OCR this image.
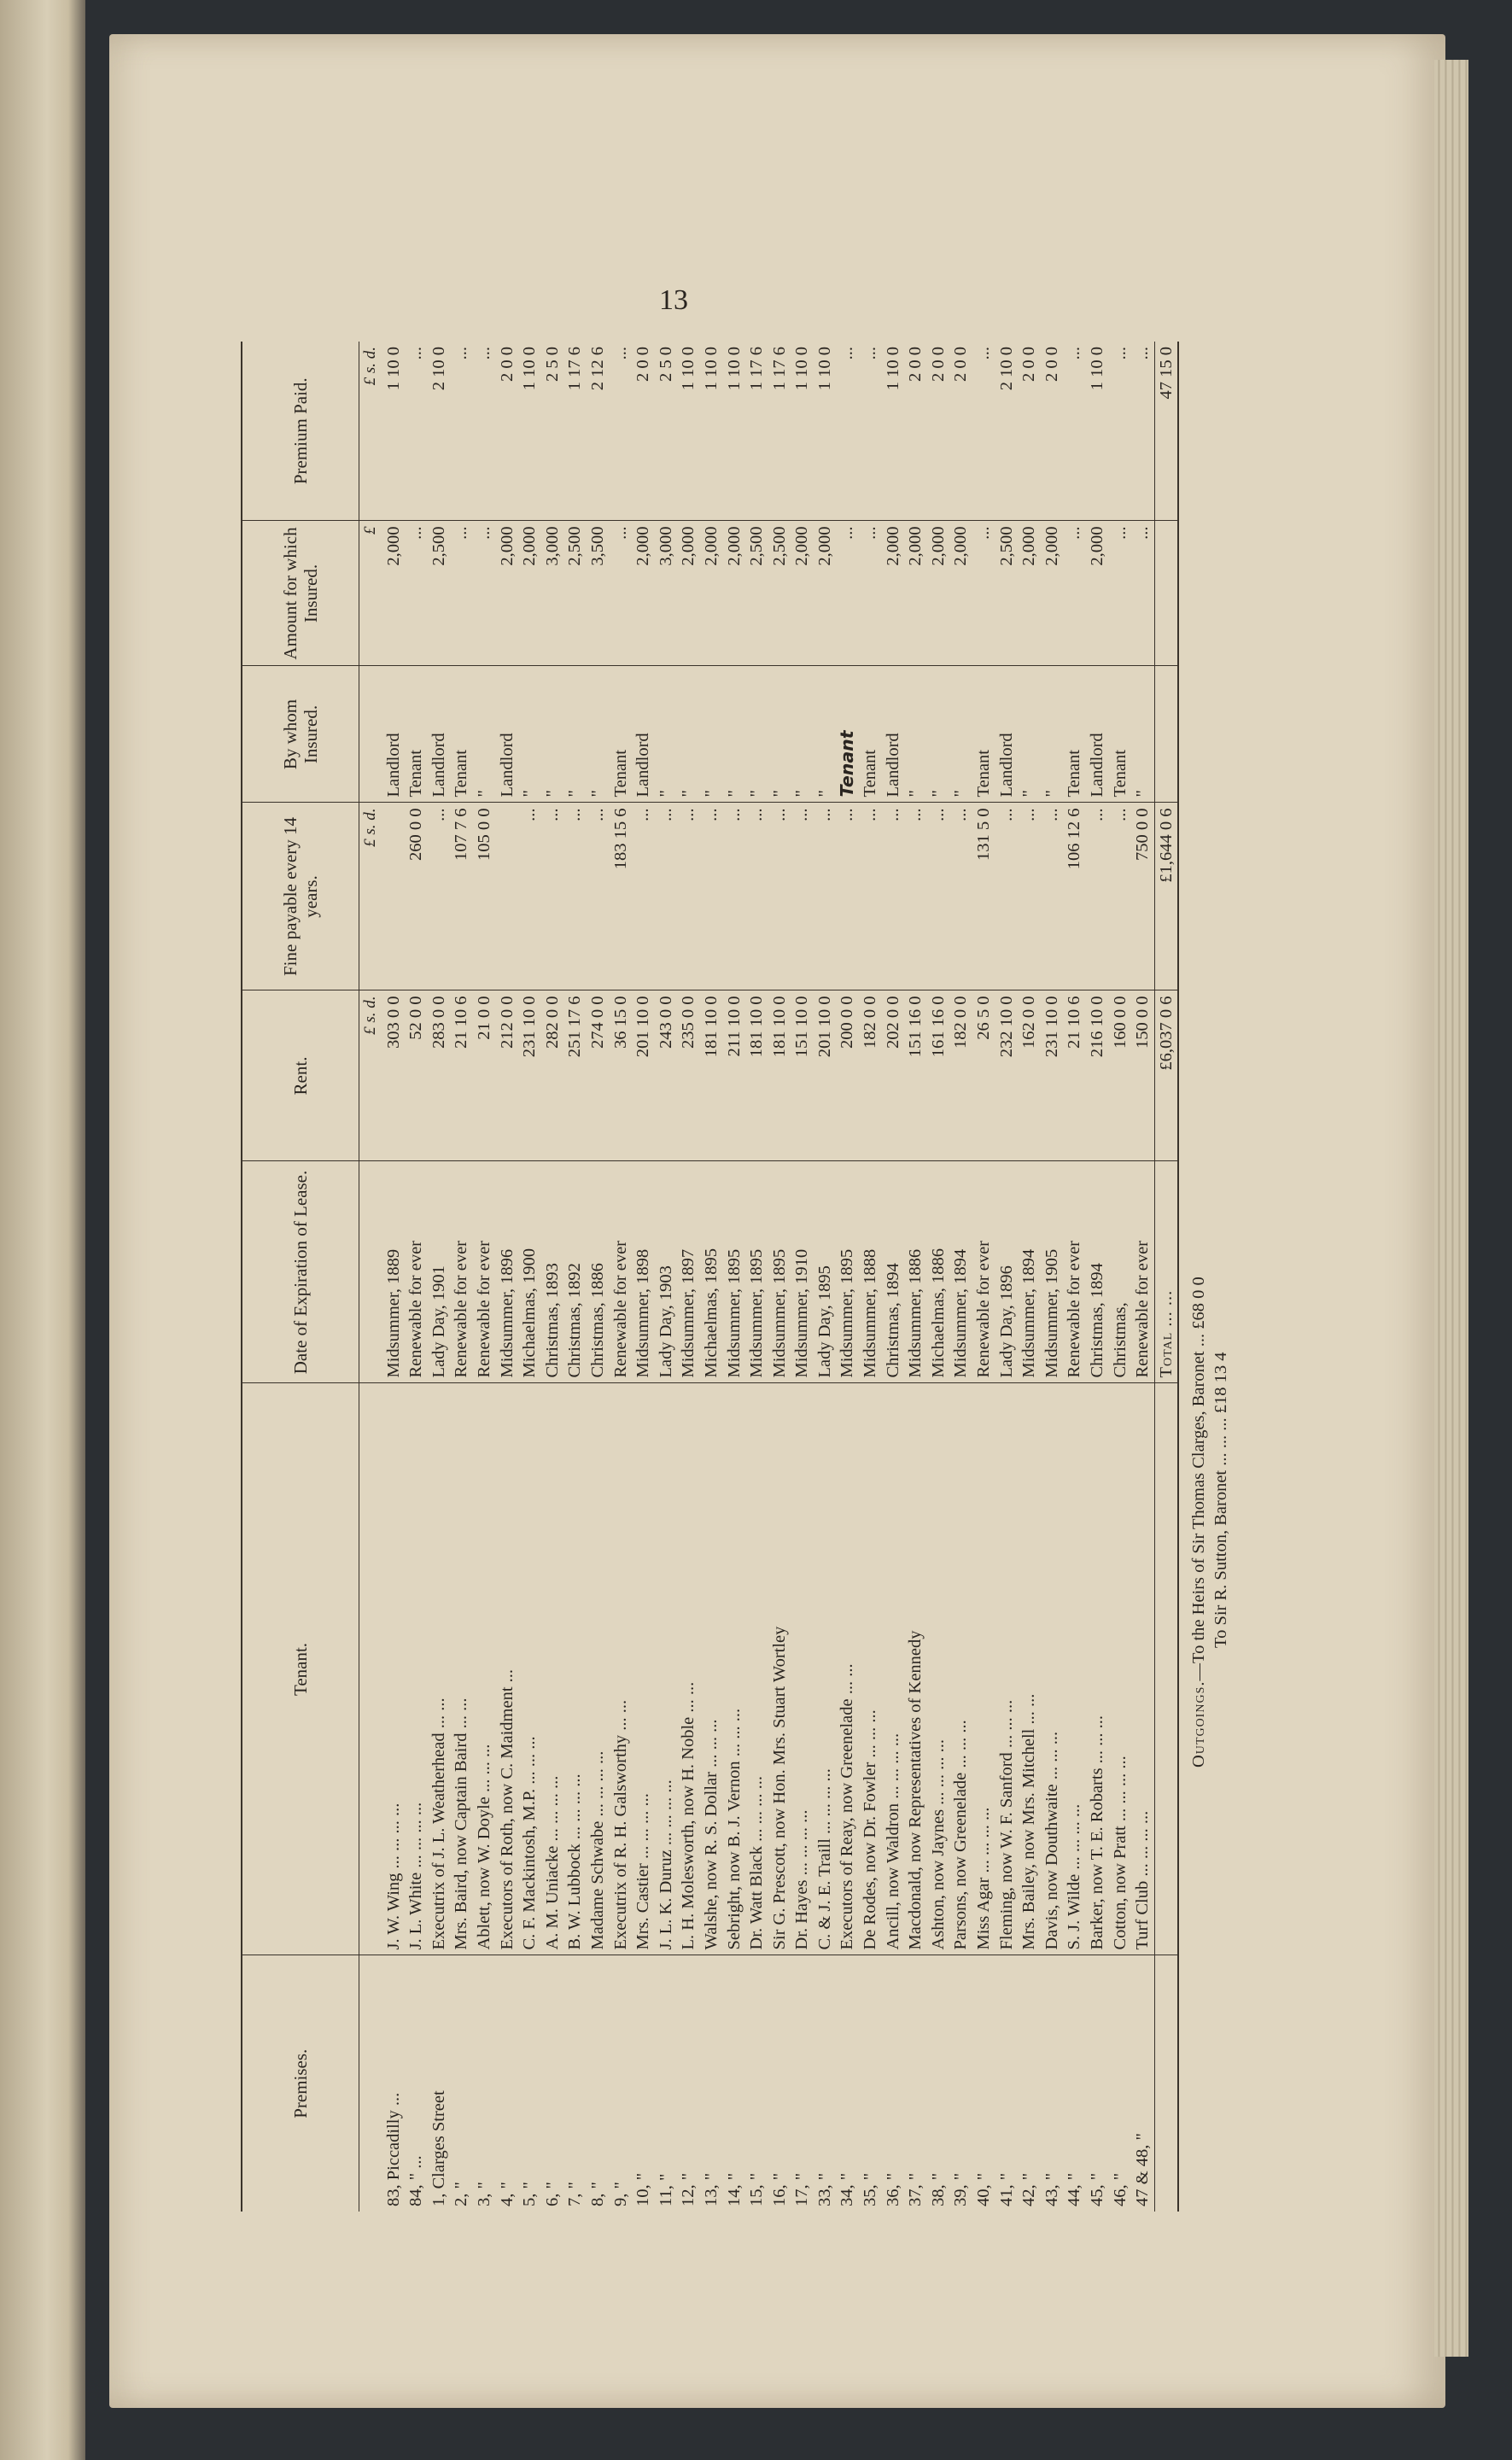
13
Premises.	Tenant.	Date of Expiration of Lease.	Rent.	Fine payable every 14 years.	By whom Insured.	Amount for which Insured.	Premium Paid.
			£ s. d.	£ s. d.		£	£ s. d.
83, Piccadilly ...	J. W. Wing ... ... ... ...	Midsummer, 1889	303 0 0		Landlord	2,000	1 10 0
84, " ...	J. L. White ... ... ... ...	Renewable for ever	52 0 0	260 0 0	Tenant	...	...
1, Clarges Street	Executrix of J. L. Weatherhead ... ...	Lady Day, 1901	283 0 0	...	Landlord	2,500	2 10 0
2, "	Mrs. Baird, now Captain Baird ... ...	Renewable for ever	21 10 6	107 7 6	Tenant	...	...
3, "	Ablett, now W. Doyle ... ... ...	Renewable for ever	21 0 0	105 0 0	"	...	...
4, "	Executors of Roth, now C. Maidment ...	Midsummer, 1896	212 0 0		Landlord	2,000	2 0 0
5, "	C. F. Mackintosh, M.P. ... ... ...	Michaelmas, 1900	231 10 0	...	"	2,000	1 10 0
6, "	A. M. Uniacke ... ... ... ...	Christmas, 1893	282 0 0	...	"	3,000	2 5 0
7, "	B. W. Lubbock ... ... ... ...	Christmas, 1892	251 17 6	...	"	2,500	1 17 6
8, "	Madame Schwabe ... ... ... ...	Christmas, 1886	274 0 0	...	"	3,500	2 12 6
9, "	Executrix of R. H. Galsworthy ... ...	Renewable for ever	36 15 0	183 15 6	Tenant	...	...
10, "	Mrs. Castier ... ... ... ...	Midsummer, 1898	201 10 0	...	Landlord	2,000	2 0 0
11, "	J. L. K. Duruz ... ... ... ...	Lady Day, 1903	243 0 0	...	"	3,000	2 5 0
12, "	L. H. Molesworth, now H. Noble ... ...	Midsummer, 1897	235 0 0	...	"	2,000	1 10 0
13, "	Walshe, now R. S. Dollar ... ... ...	Michaelmas, 1895	181 10 0	...	"	2,000	1 10 0
14, "	Sebright, now B. J. Vernon ... ... ...	Midsummer, 1895	211 10 0	...	"	2,000	1 10 0
15, "	Dr. Watt Black ... ... ... ...	Midsummer, 1895	181 10 0	...	"	2,500	1 17 6
16, "	Sir G. Prescott, now Hon. Mrs. Stuart Wortley	Midsummer, 1895	181 10 0	...	"	2,500	1 17 6
17, "	Dr. Hayes ... ... ... ...	Midsummer, 1910	151 10 0	...	"	2,000	1 10 0
33, "	C. & J. E. Traill ... ... ... ...	Lady Day, 1895	201 10 0	...	"	2,000	1 10 0
34, "	Executors of Reay, now Greenelade ... ...	Midsummer, 1895	200 0 0	...	Tenant	...	...
35, "	De Rodes, now Dr. Fowler ... ... ...	Midsummer, 1888	182 0 0	...	Tenant	...	...
36, "	Ancill, now Waldron ... ... ... ...	Christmas, 1894	202 0 0	...	Landlord	2,000	1 10 0
37, "	Macdonald, now Representatives of Kennedy	Midsummer, 1886	151 16 0	...	"	2,000	2 0 0
38, "	Ashton, now Jaynes ... ... ... ...	Michaelmas, 1886	161 16 0	...	"	2,000	2 0 0
39, "	Parsons, now Greenelade ... ... ...	Midsummer, 1894	182 0 0	...	"	2,000	2 0 0
40, "	Miss Agar ... ... ... ...	Renewable for ever	26 5 0	131 5 0	Tenant	...	...
41, "	Fleming, now W. F. Sanford ... ... ...	Lady Day, 1896	232 10 0	...	Landlord	2,500	2 10 0
42, "	Mrs. Bailey, now Mrs. Mitchell ... ...	Midsummer, 1894	162 0 0	...	"	2,000	2 0 0
43, "	Davis, now Douthwaite ... ... ...	Midsummer, 1905	231 10 0	...	"	2,000	2 0 0
44, "	S. J. Wilde ... ... ... ...	Renewable for ever	21 10 6	106 12 6	Tenant	...	...
45, "	Barker, now T. E. Robarts ... ... ...	Christmas, 1894	216 10 0	...	Landlord	2,000	1 10 0
46, "	Cotton, now Pratt ... ... ... ...	Christmas,	160 0 0	...	Tenant	...	...
47 & 48, "	Turf Club ... ... ... ...	Renewable for ever	150 0 0	750 0 0	"	...	...
		Total ... ...	£6,037 0 6	£1,644 0 6			47 15 0
Outgoings.—To the Heirs of Sir Thomas Clarges, Baronet ... £68 0 0 To Sir R. Sutton, Baronet ... ... ... £18 13 4
